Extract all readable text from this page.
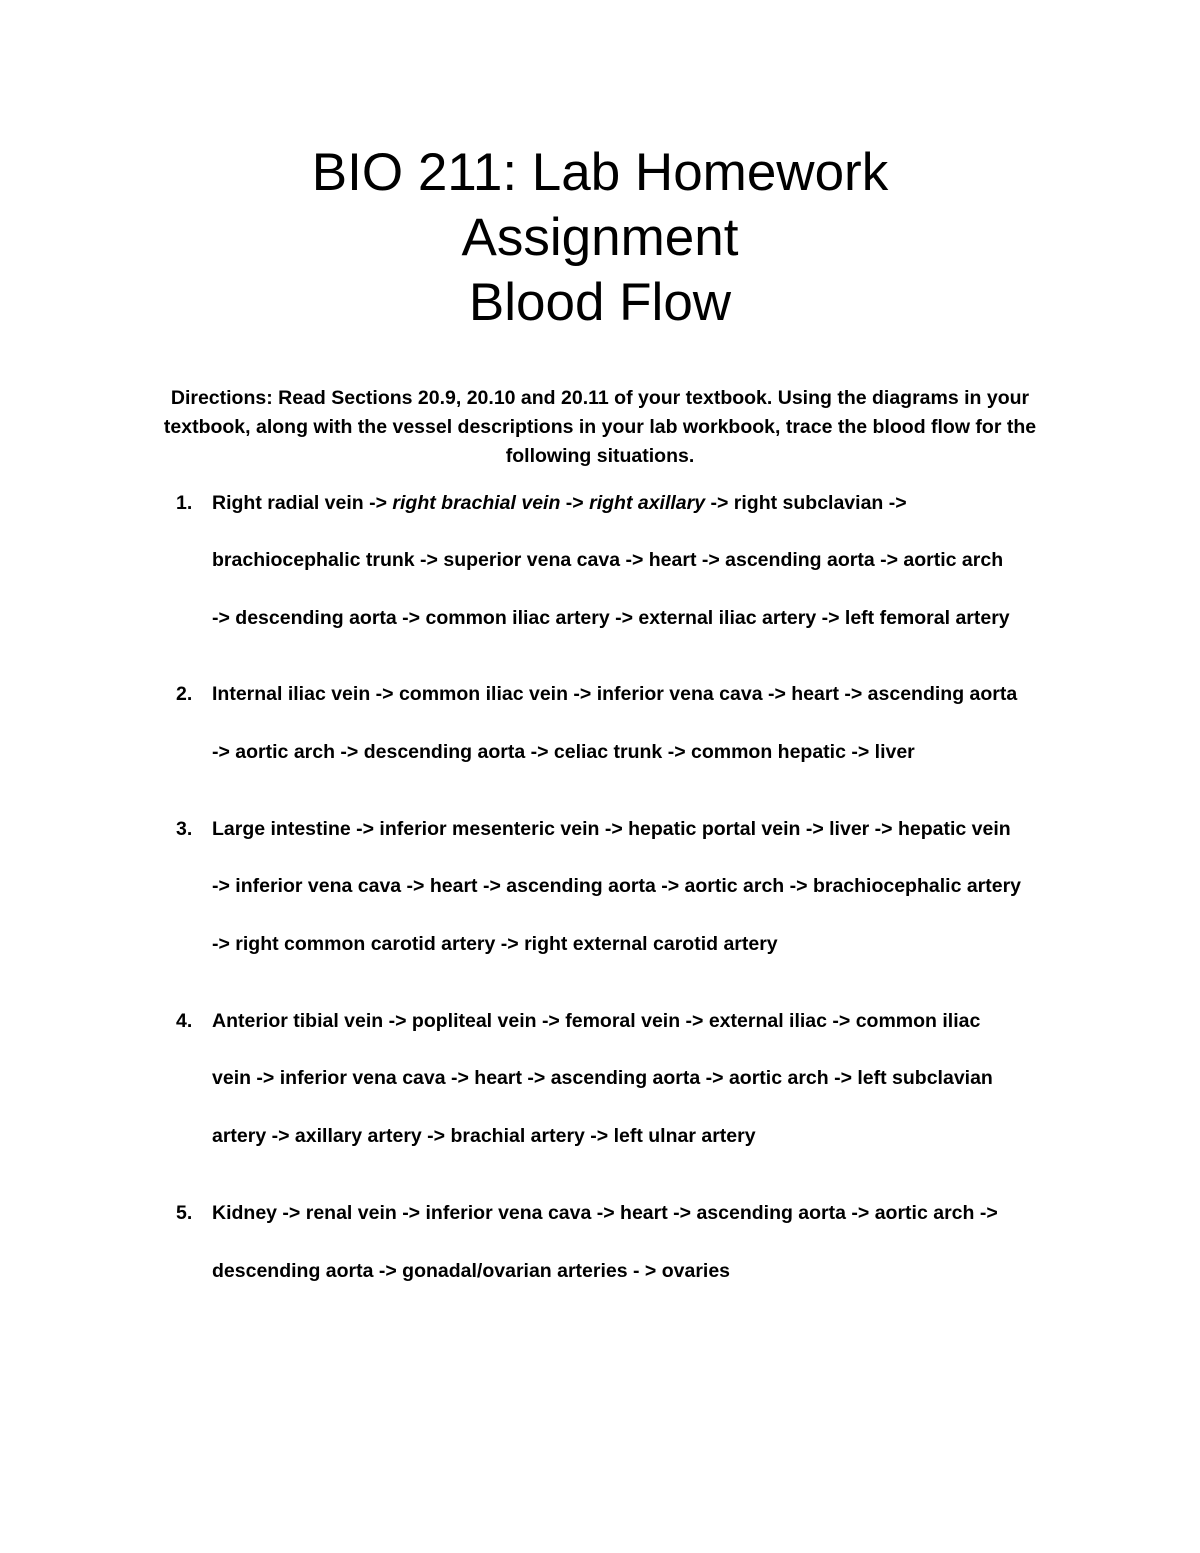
BIO 211: Lab Homework
Assignment
Blood Flow
Directions: Read Sections 20.9, 20.10 and 20.11 of your textbook. Using the diagrams in your textbook, along with the vessel descriptions in your lab workbook, trace the blood flow for the following situations.
1. Right radial vein -> right brachial vein -> right axillary -> right subclavian ->
brachiocephalic trunk -> superior vena cava -> heart -> ascending aorta -> aortic arch
-> descending aorta -> common iliac artery -> external iliac artery -> left femoral artery
2. Internal iliac vein -> common iliac vein -> inferior vena cava -> heart -> ascending aorta
-> aortic arch -> descending aorta -> celiac trunk -> common hepatic -> liver
3. Large intestine -> inferior mesenteric vein -> hepatic portal vein -> liver -> hepatic vein
-> inferior vena cava -> heart -> ascending aorta -> aortic arch -> brachiocephalic artery
-> right common carotid artery -> right external carotid artery
4. Anterior tibial vein -> popliteal vein -> femoral vein -> external iliac -> common iliac
vein -> inferior vena cava -> heart -> ascending aorta -> aortic arch -> left subclavian
artery -> axillary artery -> brachial artery -> left ulnar artery
5. Kidney -> renal vein -> inferior vena cava -> heart -> ascending aorta -> aortic arch ->
descending aorta -> gonadal/ovarian arteries - > ovaries
